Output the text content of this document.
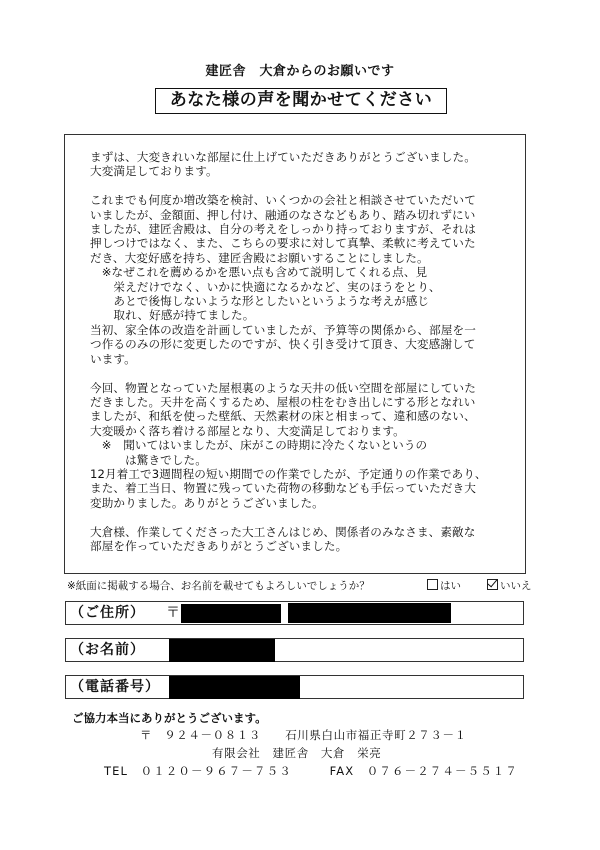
建匠舎　大倉からのお願いです
あなた様の声を聞かせてください
まずは、大変きれいな部屋に仕上げていただきありがとうございました。
大変満足しております。

これまでも何度か増改築を検討、いくつかの会社と相談させていただいて
いましたが、金額面、押し付け、融通のなさなどもあり、踏み切れずにい
ましたが、建匠舎殿は、自分の考えをしっかり持っておりますが、それは
押しつけではなく、また、こちらの要求に対して真摯、柔軟に考えていた
だき、大変好感を持ち、建匠舎殿にお願いすることにしました。
　※なぜこれを薦めるかを悪い点も含めて説明してくれる点、見
　　栄えだけでなく、いかに快適になるかなど、実のほうをとり、
　　あとで後悔しないような形としたいというような考えが感じ
　　取れ、好感が持てました。
当初、家全体の改造を計画していましたが、予算等の関係から、部屋を一
つ作るのみの形に変更したのですが、快く引き受けて頂き、大変感謝して
います。

今回、物置となっていた屋根裏のような天井の低い空間を部屋にしていた
だきました。天井を高くするため、屋根の柱をむき出しにする形となれい
ましたが、和紙を使った壁紙、天然素材の床と相まって、違和感のない、
大変暖かく落ち着ける部屋となり、大変満足しております。
　※　聞いてはいましたが、床がこの時期に冷たくないというの
　　　は驚きでした。
12月着工で3週間程の短い期間での作業でしたが、予定通りの作業であり、
また、着工当日、物置に残っていた荷物の移動なども手伝っていただき大
変助かりました。ありがとうございました。

大倉様、作業してくださった大工さんはじめ、関係者のみなさま、素敵な
部屋を作っていただきありがとうございました。
※紙面に掲載する場合、お名前を載せてもよろしいでしょうか？	はい	いいえ
（ご住所） 〒
（お名前）
（電話番号）
ご協力本当にありがとうございます。
〒　９２４－０８１３　　石川県白山市福正寺町２７３－１
有限会社　建匠舎　大倉　栄亮
TEL　０１２０－９６７－７５３　　　FAX　０７６－２７４－５５１７
